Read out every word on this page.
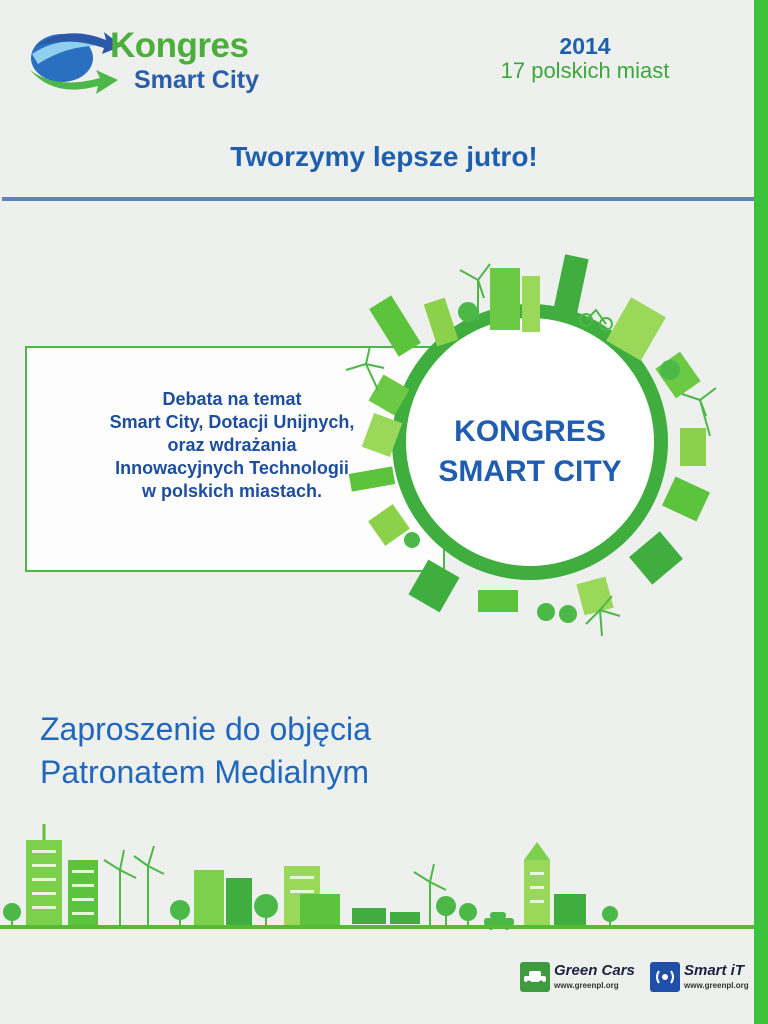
Kongres
Smart City
2014
17 polskich miast
Tworzymy lepsze jutro!
Debata na temat
Smart City, Dotacji Unijnych,
oraz wdrażania
Innowacyjnych Technologii
w polskich miastach.
KONGRES
SMART CITY
Zaproszenie do objęcia
Patronatem Medialnym
Green Cars
www.greenpl.org
Smart iT
www.greenpl.org
